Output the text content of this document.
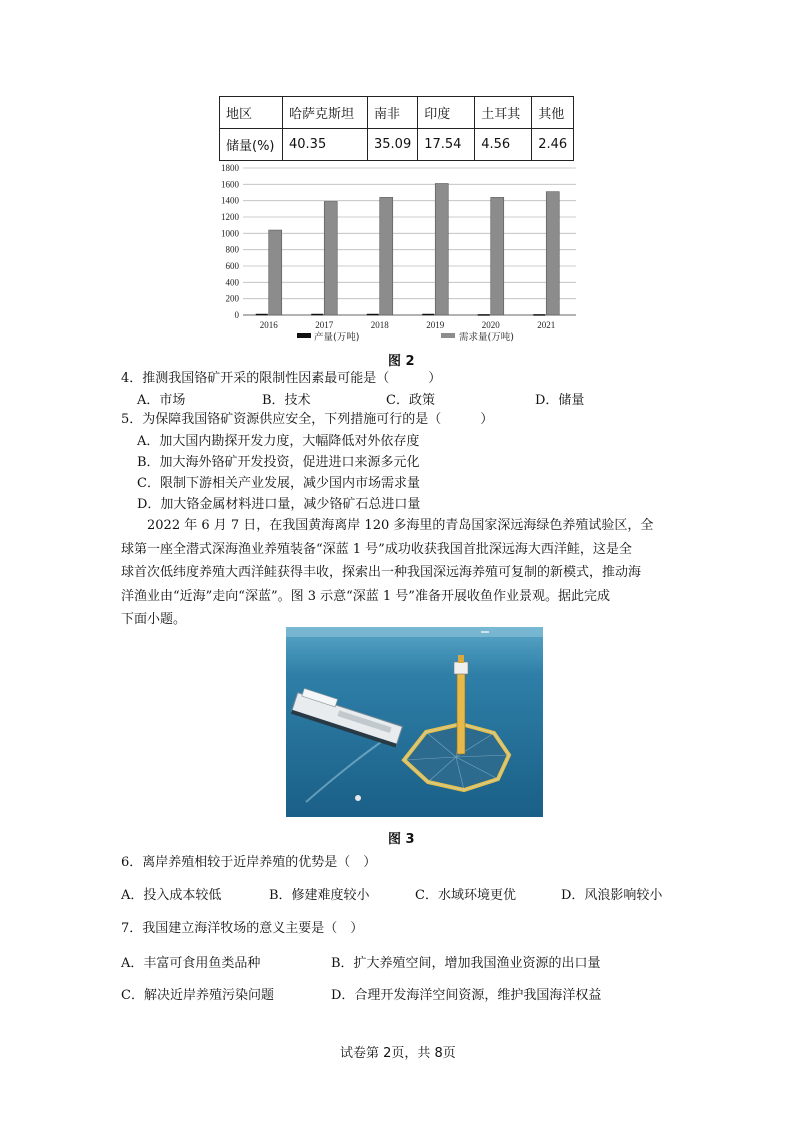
地区	哈萨克斯坦	南非	印度	土耳其	其他
储量(%)	40.35	35.09	17.54	4.56	2.46
0
200
400
600
800
1000
1200
1400
1600
1800
2016	2017	2018	2019	2020	2021
产量(万吨)	需求量(万吨)
图 2
4．推测我国铬矿开采的限制性因素最可能是（　　　）
A．市场	B．技术	C．政策	D．储量
5．为保障我国铬矿资源供应安全，下列措施可行的是（　　　）
A．加大国内勘探开发力度，大幅降低对外依存度
B．加大海外铬矿开发投资，促进进口来源多元化
C．限制下游相关产业发展，减少国内市场需求量
D．加大铬金属材料进口量，减少铬矿石总进口量
　　2022 年 6 月 7 日，在我国黄海离岸 120 多海里的青岛国家深远海绿色养殖试验区，全
球第一座全潜式深海渔业养殖装备“深蓝 1 号”成功收获我国首批深远海大西洋鲑，这是全
球首次低纬度养殖大西洋鲑获得丰收，探索出一种我国深远海养殖可复制的新模式，推动海
洋渔业由“近海”走向“深蓝”。图 3 示意“深蓝 1 号”准备开展收鱼作业景观。据此完成
下面小题。
图 3
6．离岸养殖相较于近岸养殖的优势是（　）
A．投入成本较低	B．修建难度较小	C．水域环境更优	D．风浪影响较小
7．我国建立海洋牧场的意义主要是（　）
A．丰富可食用鱼类品种	B．扩大养殖空间，增加我国渔业资源的出口量
C．解决近岸养殖污染问题	D．合理开发海洋空间资源，维护我国海洋权益
试卷第 2页，共 8页
